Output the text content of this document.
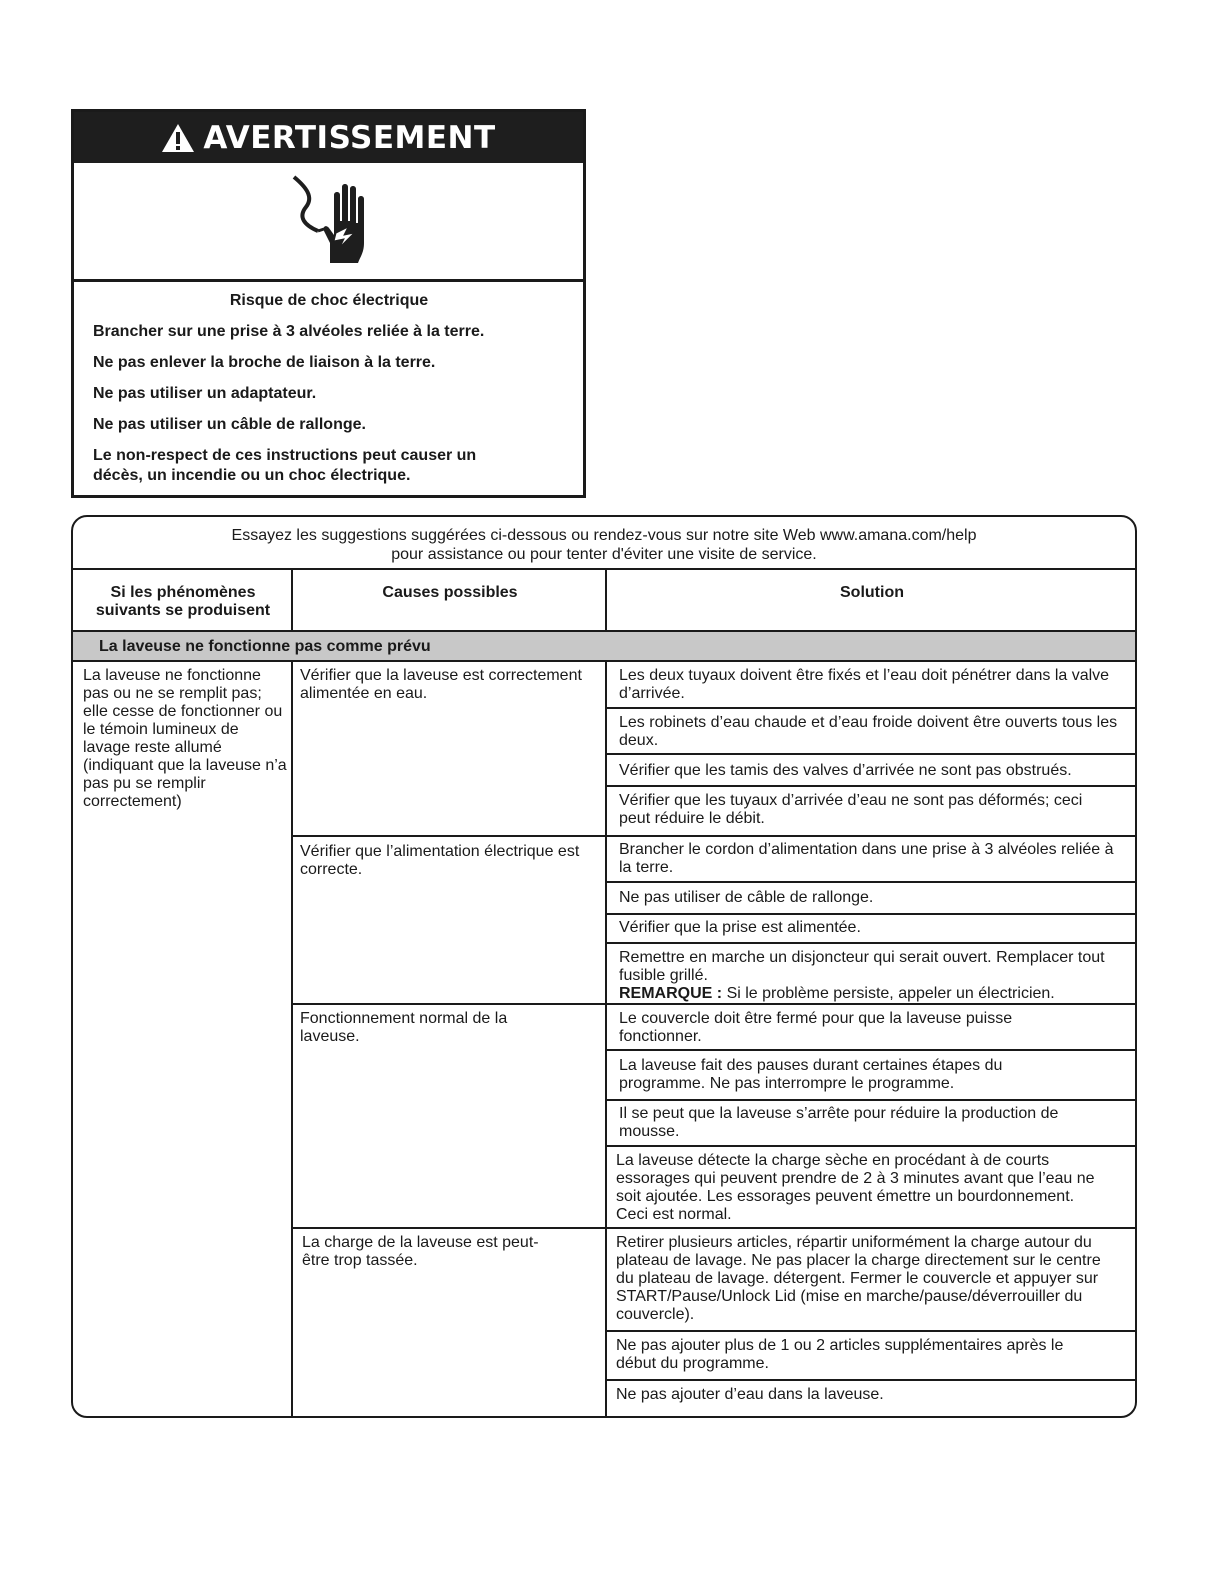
AVERTISSEMENT
Risque de choc électrique
Brancher sur une prise à 3 alvéoles reliée à la terre.
Ne pas enlever la broche de liaison à la terre.
Ne pas utiliser un adaptateur.
Ne pas utiliser un câble de rallonge.
Le non-respect de ces instructions peut causer un décès, un incendie ou un choc électrique.
Essayez les suggestions suggérées ci-dessous ou rendez-vous sur notre site Web www.amana.com/help
pour assistance ou pour tenter d'éviter une visite de service.
Si les phénomènes suivants se produisent
Causes possibles	Solution
La laveuse ne fonctionne pas comme prévu
La laveuse ne fonctionne pas ou ne se remplit pas; elle cesse de fonctionner ou le témoin lumineux de lavage reste allumé (indiquant que la laveuse n’a pas pu se remplir correctement)
Vérifier que la laveuse est correctement alimentée en eau.
Vérifier que l’alimentation électrique est correcte.
Fonctionnement normal de la laveuse.
La charge de la laveuse est peut-être trop tassée.
Les deux tuyaux doivent être fixés et l’eau doit pénétrer dans la valve d’arrivée.
Les robinets d’eau chaude et d’eau froide doivent être ouverts tous les deux.
Vérifier que les tamis des valves d’arrivée ne sont pas obstrués.
Vérifier que les tuyaux d’arrivée d’eau ne sont pas déformés; ceci peut réduire le débit.
Brancher le cordon d’alimentation dans une prise à 3 alvéoles reliée à la terre.
Ne pas utiliser de câble de rallonge.
Vérifier que la prise est alimentée.
Remettre en marche un disjoncteur qui serait ouvert. Remplacer tout fusible grillé.
REMARQUE : Si le problème persiste, appeler un électricien.
Le couvercle doit être fermé pour que la laveuse puisse fonctionner.
La laveuse fait des pauses durant certaines étapes du programme. Ne pas interrompre le programme.
Il se peut que la laveuse s’arrête pour réduire la production de mousse.
La laveuse détecte la charge sèche en procédant à de courts essorages qui peuvent prendre de 2 à 3 minutes avant que l’eau ne soit ajoutée. Les essorages peuvent émettre un bourdonnement. Ceci est normal.
Retirer plusieurs articles, répartir uniformément la charge autour du plateau de lavage. Ne pas placer la charge directement sur le centre du plateau de lavage. détergent. Fermer le couvercle et appuyer sur START/Pause/Unlock Lid (mise en marche/pause/déverrouiller du couvercle).
Ne pas ajouter plus de 1 ou 2 articles supplémentaires après le début du programme.
Ne pas ajouter d’eau dans la laveuse.
